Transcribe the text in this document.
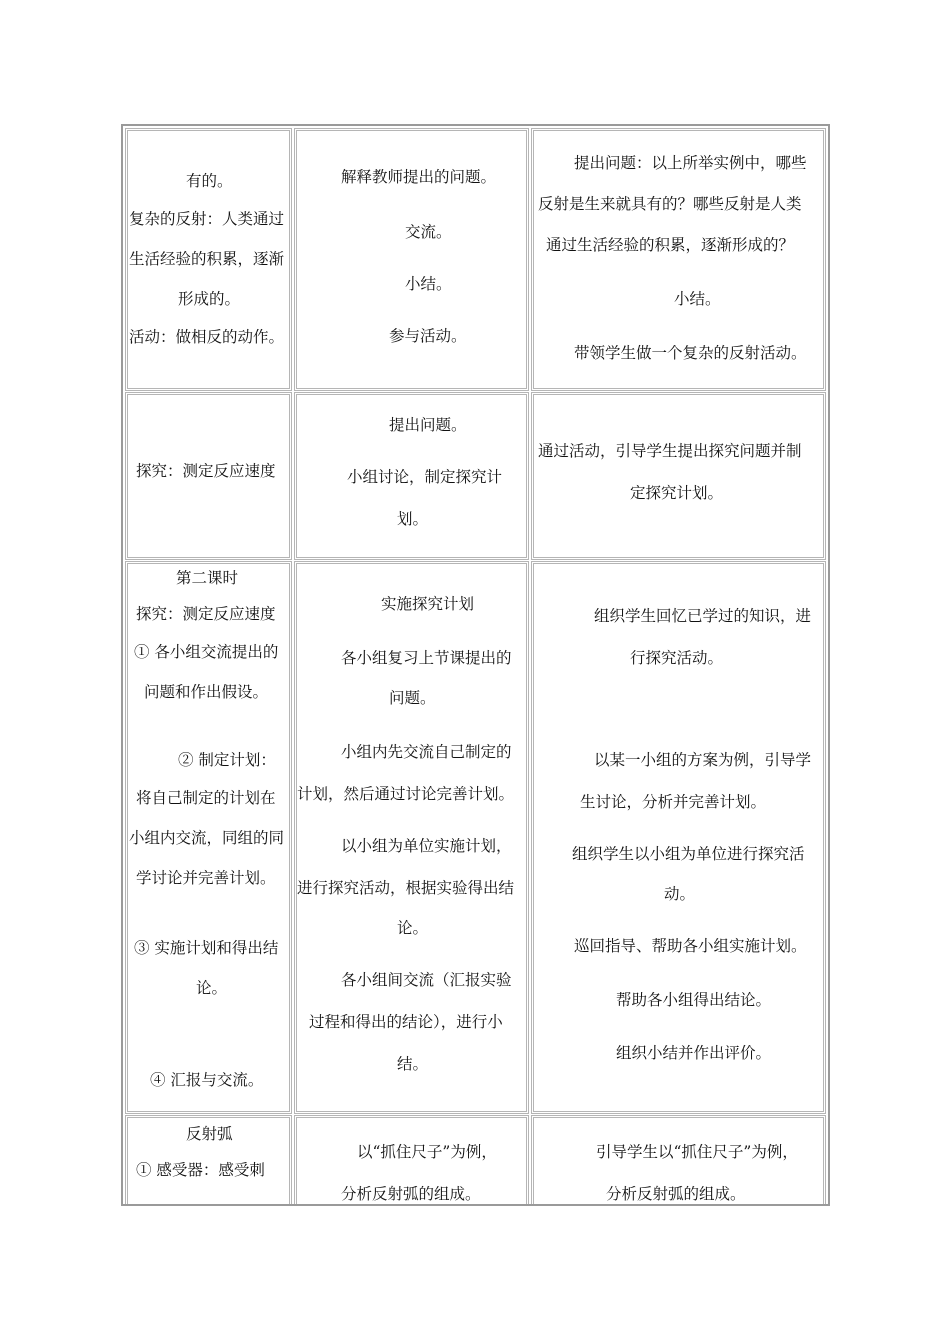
有的。
复杂的反射：人类通过
生活经验的积累，逐渐
形成的。
活动：做相反的动作。
解释教师提出的问题。
交流。
小结。
参与活动。
提出问题：以上所举实例中，哪些
反射是生来就具有的？哪些反射是人类
通过生活经验的积累，逐渐形成的？
小结。
带领学生做一个复杂的反射活动。
探究：测定反应速度
提出问题。
小组讨论，制定探究计
划。
通过活动，引导学生提出探究问题并制
定探究计划。
第二课时
探究：测定反应速度
① 各小组交流提出的
问题和作出假设。
② 制定计划：
将自己制定的计划在
小组内交流，同组的同
学讨论并完善计划。
③ 实施计划和得出结
论。
④ 汇报与交流。
实施探究计划
各小组复习上节课提出的
问题。
小组内先交流自己制定的
计划，然后通过讨论完善计划。
以小组为单位实施计划，
进行探究活动，根据实验得出结
论。
各小组间交流（汇报实验
过程和得出的结论），进行小
结。
组织学生回忆已学过的知识，进
行探究活动。
以某一小组的方案为例，引导学
生讨论，分析并完善计划。
组织学生以小组为单位进行探究活
动。
巡回指导、帮助各小组实施计划。
帮助各小组得出结论。
组织小结并作出评价。
反射弧
① 感受器：感受刺
以“抓住尺子”为例，
分析反射弧的组成。
引导学生以“抓住尺子”为例，
分析反射弧的组成。
